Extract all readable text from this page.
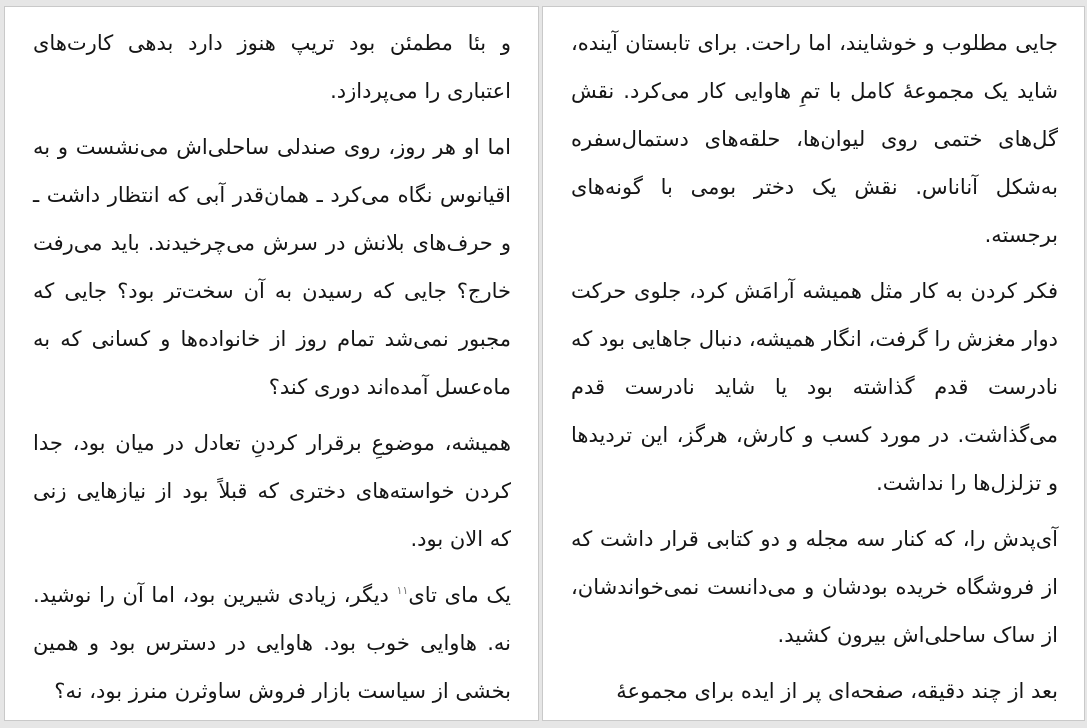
جایی مطلوب و خوشایند، اما راحت. برای تابستان آینده، شاید یک مجموعهٔ کامل با تمِ هاوایی کار می‌کرد. نقش گل‌های ختمی روی لیوان‌ها، حلقه‌های دستمال‌سفره به‌شکل آناناس. نقش یک دختر بومی با گونه‌های برجسته.

فکر کردن به کار مثل همیشه آرامَش کرد، جلوی حرکت دوار مغزش را گرفت، انگار همیشه، دنبال جاهایی بود که نادرست قدم گذاشته بود یا شاید نادرست قدم می‌گذاشت. در مورد کسب و کارش، هرگز، این تردیدها و تزلزل‌ها را نداشت.

آی‌پدش را، که کنار سه مجله و دو کتابی قرار داشت که از فروشگاه خریده بودشان و می‌دانست نمی‌خواندشان، از ساک ساحلی‌اش بیرون کشید.

بعد از چند دقیقه، صفحه‌ای پر از ایده برای مجموعهٔ

و بئا مطمئن بود تریپ هنوز دارد بدهی کارت‌های اعتباری را می‌پردازد.

اما او هر روز، روی صندلی ساحلی‌اش می‌نشست و به اقیانوس نگاه می‌کرد ـ همان‌قدر آبی که انتظار داشت ـ و حرف‌های بلانش در سرش می‌چرخیدند. باید می‌رفت خارج؟ جایی که رسیدن به آن سخت‌تر بود؟ جایی که مجبور نمی‌شد تمام روز از خانواده‌ها و کسانی که به ماه‌عسل آمده‌اند دوری کند؟

همیشه، موضوعِ برقرار کردنِ تعادل در میان بود، جدا کردن خواسته‌های دختری که قبلاً بود از نیازهایی زنی که الان بود.

یک مای تای$^{۱۱}$ دیگر، زیادی شیرین بود، اما آن را نوشید. نه. هاوایی خوب بود. هاوایی در دسترس بود و همین بخشی از سیاست بازار فروش ساوثرن منرز بود، نه؟
